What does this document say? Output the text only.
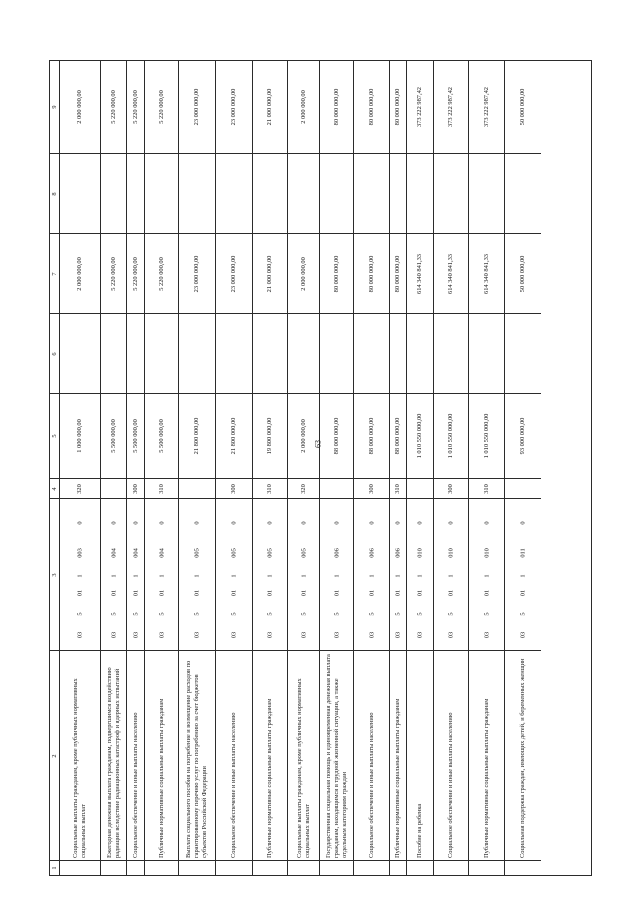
63
1
2
3
4
5
6
7
8
9
Социальные выплаты гражданам, кроме публичных нормативных социальных выплат
03
5
01
1
003
0
320
1 000 000,00
2 000 000,00
2 000 000,00
Ежегодная денежная выплата гражданам, подвергшимся воздействию радиации вследствие радиационных катастроф и ядерных испытаний
03
5
01
1
004
0
5 500 000,00
5 220 000,00
5 220 000,00
Социальное обеспечение и иные выплаты населению
03
5
01
1
004
0
300
5 500 000,00
5 220 000,00
5 220 000,00
Публичные нормативные социальные выплаты гражданам
03
5
01
1
004
0
310
5 500 000,00
5 220 000,00
5 220 000,00
Выплата социального пособия на погребение и возмещение расходов по гарантированному перечню услуг по погребению за счет бюджетов субъектов Российской Федерации
03
5
01
1
005
0
21 800 000,00
23 000 000,00
23 000 000,00
Социальное обеспечение и иные выплаты населению
03
5
01
1
005
0
300
21 800 000,00
23 000 000,00
23 000 000,00
Публичные нормативные социальные выплаты гражданам
03
5
01
1
005
0
310
19 800 000,00
21 000 000,00
21 000 000,00
Социальные выплаты гражданам, кроме публичных нормативных социальных выплат
03
5
01
1
005
0
320
2 000 000,00
2 000 000,00
2 000 000,00
Государственная социальная помощь и единовременная денежная выплата гражданам, находящимся в трудной жизненной ситуации, а также отдельным категориям граждан
03
5
01
1
006
0
88 000 000,00
80 000 000,00
80 000 000,00
Социальное обеспечение и иные выплаты населению
03
5
01
1
006
0
300
88 000 000,00
80 000 000,00
80 000 000,00
Публичные нормативные социальные выплаты гражданам
03
5
01
1
006
0
310
88 000 000,00
80 000 000,00
80 000 000,00
Пособие на ребенка
03
5
01
1
010
0
1 010 550 000,00
614 340 841,33
373 222 987,42
Социальное обеспечение и иные выплаты населению
03
5
01
1
010
0
300
1 010 550 000,00
614 340 841,33
373 222 987,42
Публичные нормативные социальные выплаты гражданам
03
5
01
1
010
0
310
1 010 550 000,00
614 340 841,33
373 222 987,42
Социальная поддержка граждан, имеющих детей, и беременных женщин
03
5
01
1
011
0
93 000 000,00
50 000 000,00
50 000 000,00
